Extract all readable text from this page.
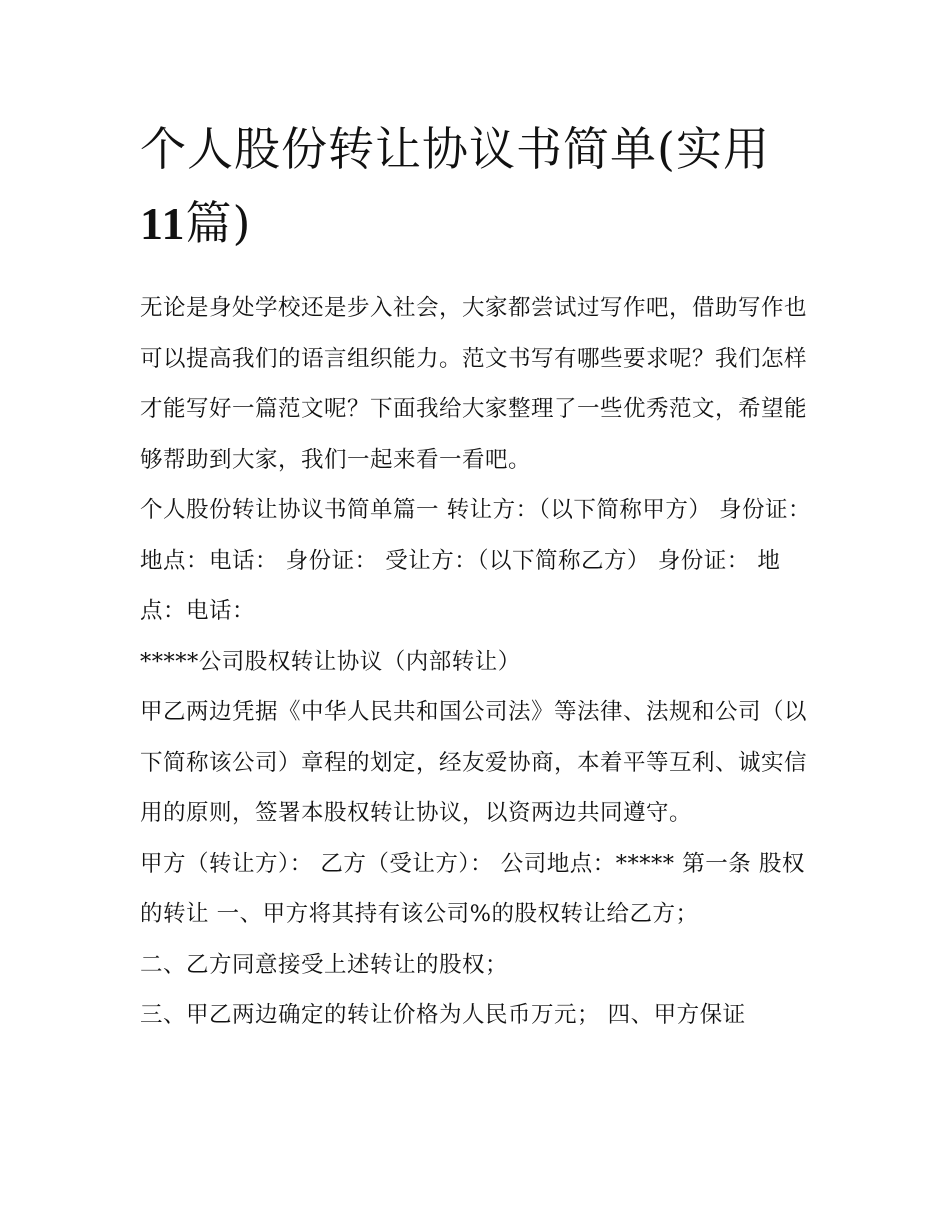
个人股份转让协议书简单(实用
11篇)

无论是身处学校还是步入社会，大家都尝试过写作吧，借助写作也可以提高我们的语言组织能力。范文书写有哪些要求呢？我们怎样才能写好一篇范文呢？下面我给大家整理了一些优秀范文，希望能够帮助到大家，我们一起来看一看吧。

个人股份转让协议书简单篇一 转让方：（以下简称甲方） 身份证： 地点：电话： 身份证： 受让方：（以下简称乙方） 身份证： 地点：电话：

*****公司股权转让协议（内部转让）

甲乙两边凭据《中华人民共和国公司法》等法律、法规和公司（以下简称该公司）章程的划定，经友爱协商，本着平等互利、诚实信用的原则，签署本股权转让协议，以资两边共同遵守。

甲方（转让方）： 乙方（受让方）： 公司地点：***** 第一条 股权的转让 一、甲方将其持有该公司%的股权转让给乙方；

二、乙方同意接受上述转让的股权；

三、甲乙两边确定的转让价格为人民币万元； 四、甲方保证
